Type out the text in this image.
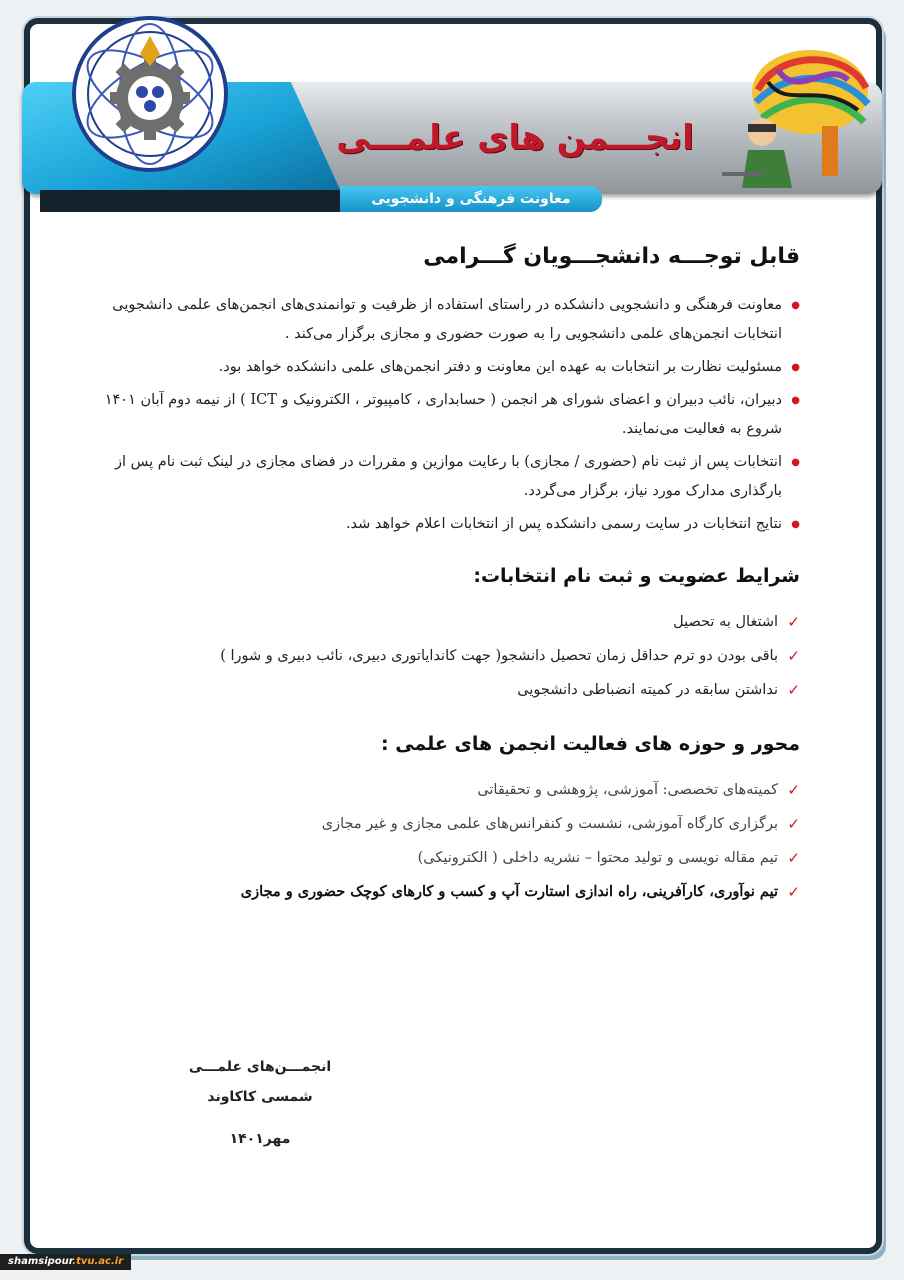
معاونت فرهنگی و دانشجویی
انجـــمن های علمـــی
قابل توجـــه دانشجـــویان گـــرامی
● معاونت فرهنگی و دانشجویی دانشکده در راستای استفاده از ظرفیت و توانمندی‌های انجمن‌های علمی دانشجویی انتخابات انجمن‌های علمی دانشجویی را به صورت حضوری و مجازی برگزار می‌کند .
● مسئولیت نظارت بر انتخابات به عهده این معاونت و دفتر انجمن‌های علمی دانشکده خواهد بود.
● دبیران، نائب دبیران و اعضای شورای هر انجمن ( حسابداری ، کامپیوتر ، الکترونیک و ICT ) از نیمه دوم آبان ۱۴۰۱ شروع به فعالیت می‌نمایند.
● انتخابات پس از ثبت نام (حضوری / مجازی) با رعایت موازین و مقررات در فضای مجازی در لینک ثبت نام پس از بارگذاری مدارک مورد نیاز، برگزار می‌گردد.
● نتایج انتخابات در سایت رسمی دانشکده پس از انتخابات اعلام خواهد شد.
شرایط عضویت و ثبت نام انتخابات:
✓
اشتغال به تحصیل
✓
باقی بودن دو ترم حداقل زمان تحصیل دانشجو( جهت کاندایاتوری دبیری، نائب دبیری و شورا )
✓
نداشتن سابقه در کمیته انضباطی دانشجویی
محور و حوزه های فعالیت انجمن های علمی :
✓
کمیته‌های تخصصی: آموزشی، پژوهشی و تحقیقاتی
✓
برگزاری کارگاه آموزشی، نشست و کنفرانس‌های علمی مجازی و غیر مجازی
✓
تیم مقاله نویسی و تولید محتوا – نشریه داخلی ( الکترونیکی)
✓
تیم نوآوری، کارآفرینی، راه اندازی استارت آپ و کسب و کارهای کوچک حضوری و مجازی
انجمـــن‌های علمـــی
شمسی کاکاوند
مهر۱۴۰۱
shamsipour.tvu.ac.ir
